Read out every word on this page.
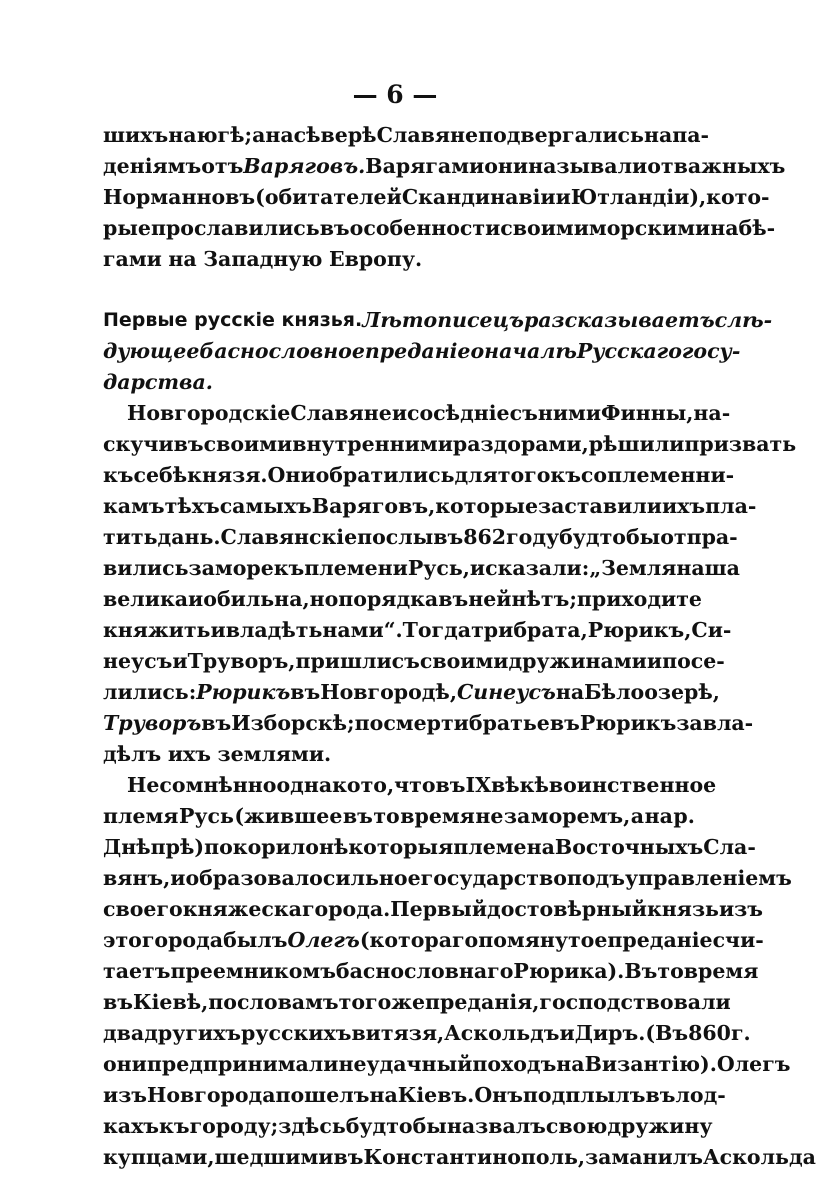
— 6 —
шихъ на югѣ; а на сѣверѣ Славяне подвергались напа-
деніямъ отъ Варяговъ. Варягами они называли отважныхъ
Норманновъ (обитателей Скандинавіи и Ютландіи), кото-
рые прославились въ особенности своими морскими набѣ-
гами на Западную Европу.
Первые русскіе князья. Лѣтописецъ разсказываетъ слѣ-
дующее баснословное преданіе о началѣ Русскаго госу-
дарства.
Новгородскіе Славяне и сосѣдніе съ ними Финны, на-
скучивъ своими внутренними раздорами, рѣшили призвать
къ себѣ князя. Они обратились для того къ соплеменни-
камъ тѣхъ самыхъ Варяговъ, которые заставили ихъ пла-
тить дань. Славянскіе послы въ 862 году будто бы отпра-
вились за море къ племени Русь, и сказали: „Земля наша
велика и обильна, но порядка въ ней нѣтъ; приходите
княжить и владѣть нами“. Тогда три брата, Рюрикъ, Си-
неусъ и Труворъ, пришли съ своими дружинами и посе-
лились: Рюрикъ въ Новгородѣ, Синеусъ на Бѣлоозерѣ,
Труворъ въ Изборскѣ; по смерти братьевъ Рюрикъ завла-
дѣлъ ихъ землями.
Несомнѣнно однако то, что въ IX вѣкѣ воинственное
племя Русь (жившее въ то время не за моремъ, а на р.
Днѣпрѣ) покорило нѣкоторыя племена Восточныхъ Сла-
вянъ, и образовало сильное государство подъ управленіемъ
своего княжескаго рода. Первый достовѣрный князь изъ
этого рода былъ Олегъ (котораго помянутое преданіе счи-
таетъ преемникомъ баснословнаго Рюрика). Въ то время
въ Кіевѣ, по словамъ того же преданія, господствовали
два другихъ русскихъ витязя, Аскольдъ и Диръ. (Въ 860 г.
они предпринимали неудачный походъ на Византію). Олегъ
изъ Новгорода пошелъ на Кіевъ. Онъ подплылъ въ лод-
кахъ къ городу; здѣсь будто бы назвалъ свою дружину
купцами, шедшими въ Константинополь, заманилъ Аскольда
